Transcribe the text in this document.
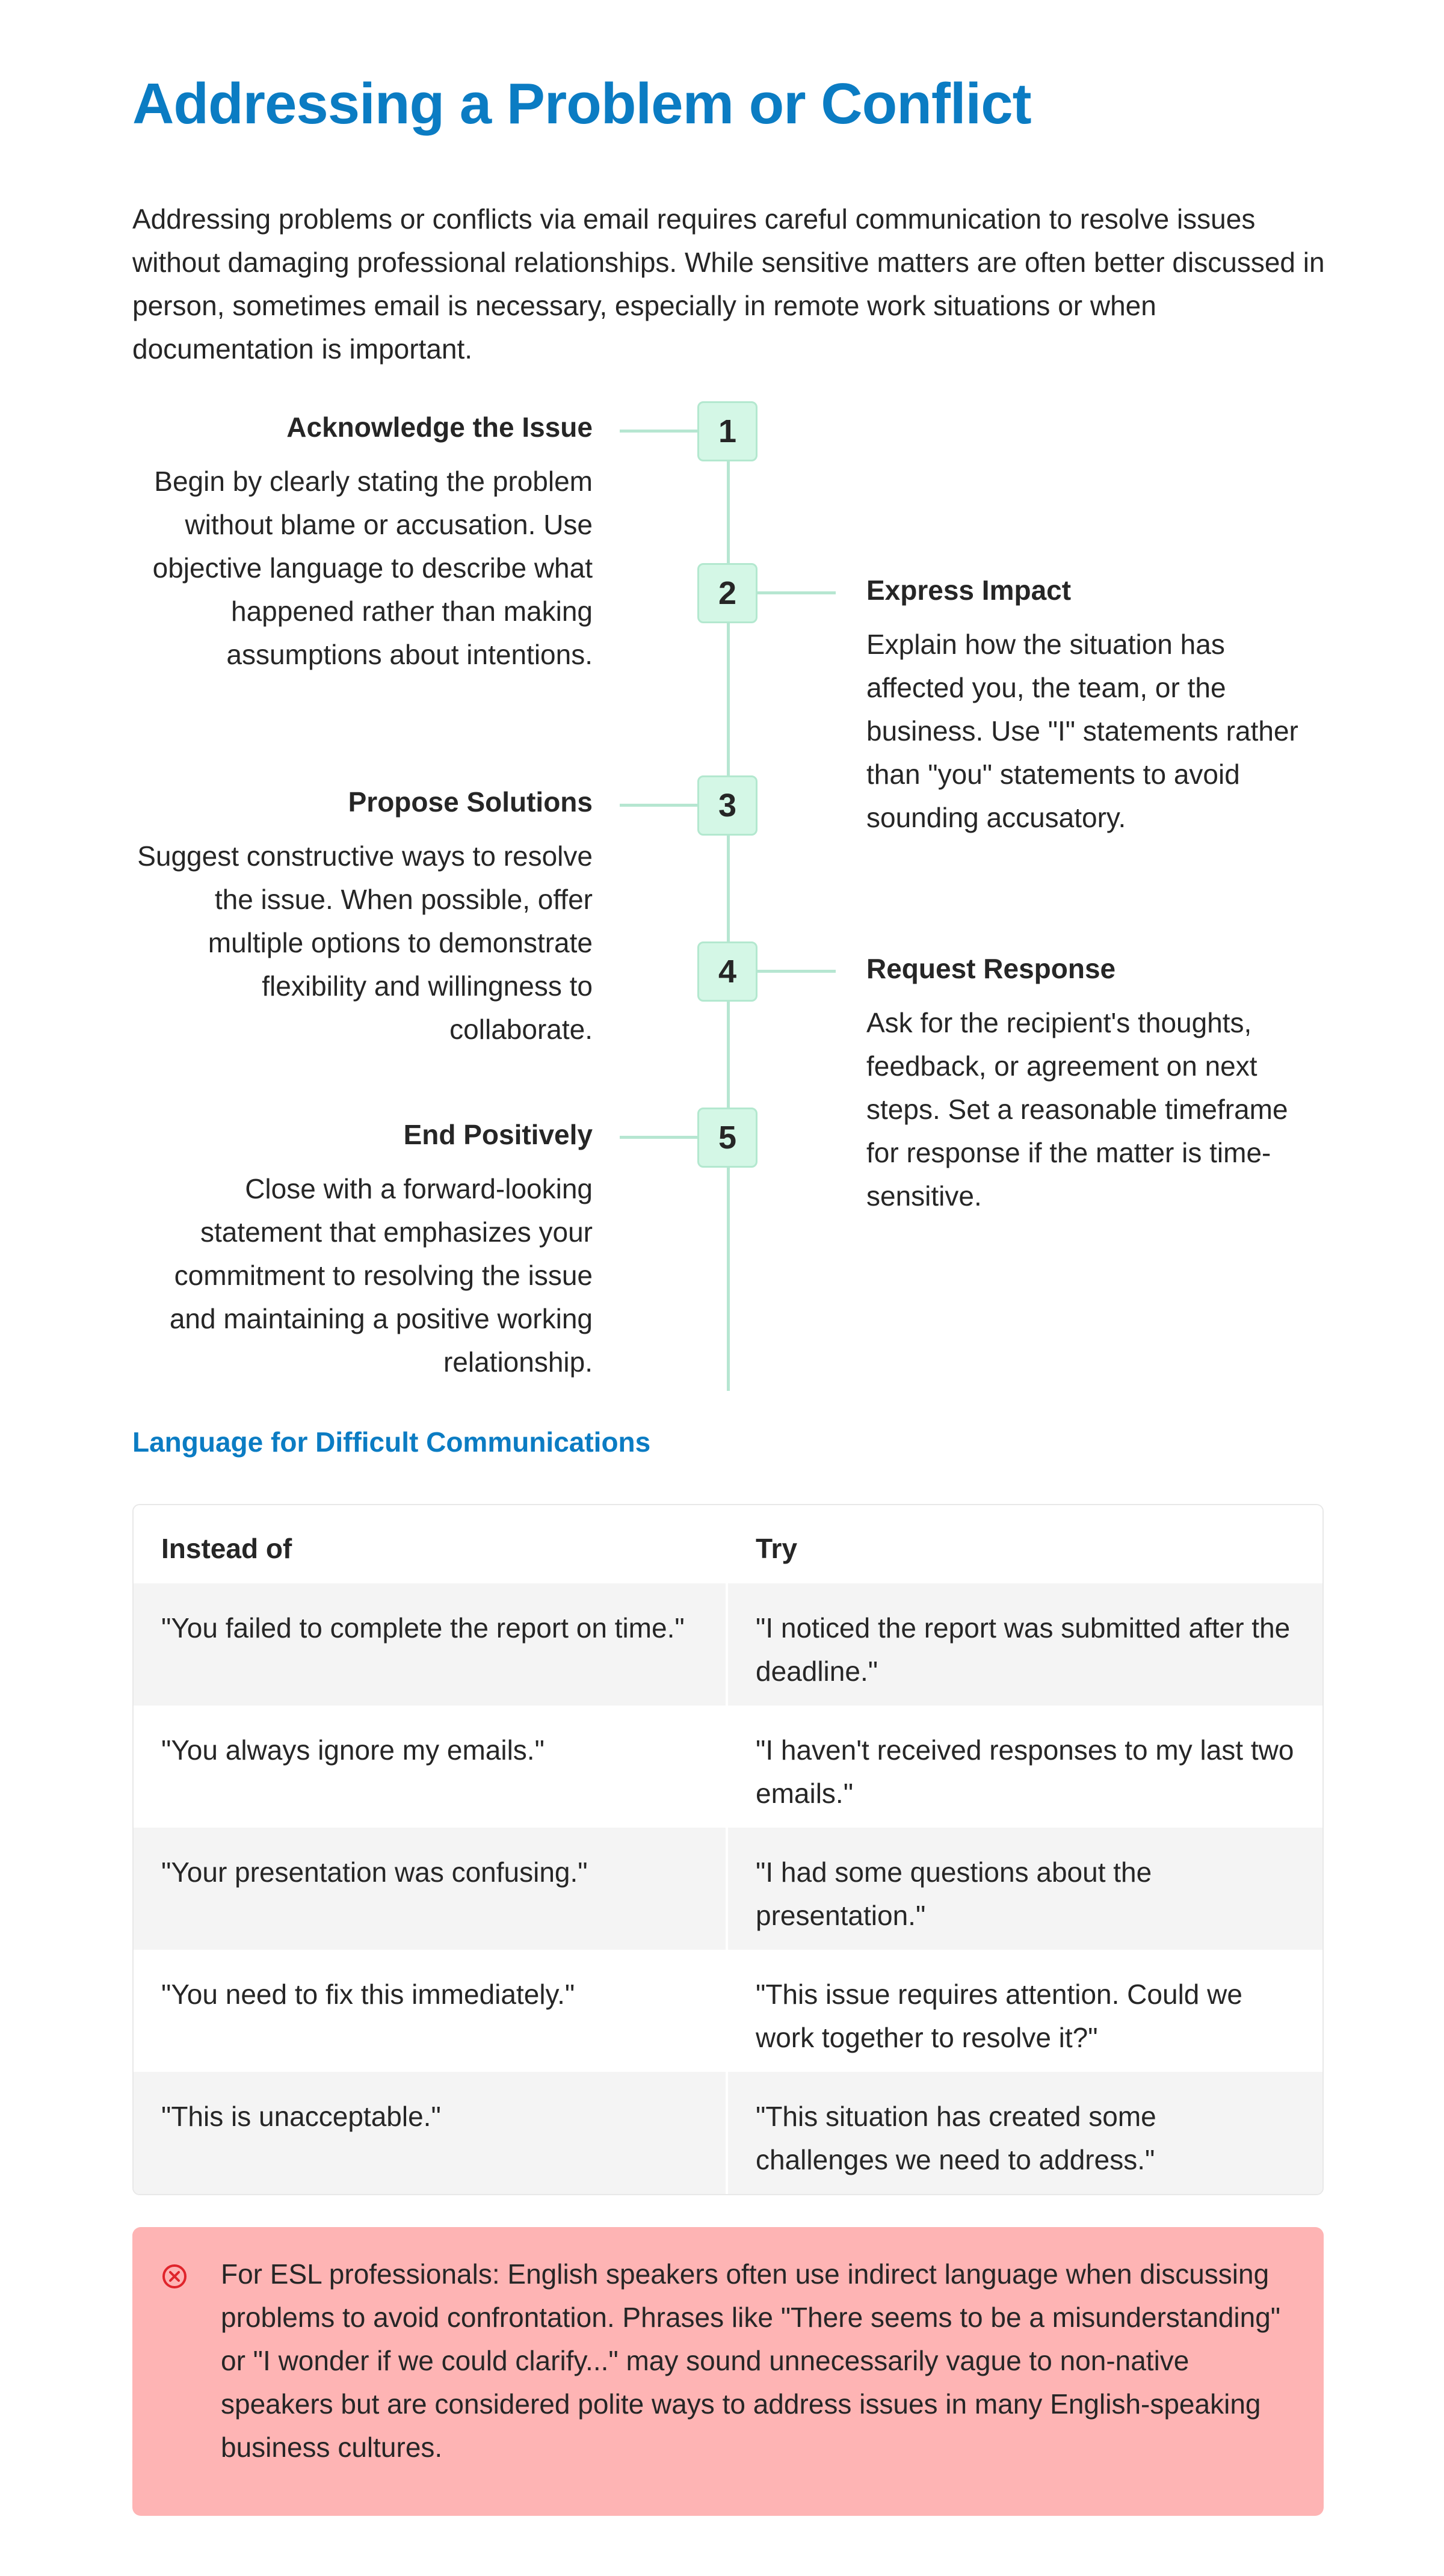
Addressing a Problem or Conflict

Addressing problems or conflicts via email requires careful communication to resolve issues without damaging professional relationships. While sensitive matters are often better discussed in person, sometimes email is necessary, especially in remote work situations or when documentation is important.

1
Acknowledge the Issue

Begin by clearly stating the problem without blame or accusation. Use objective language to describe what happened rather than making assumptions about intentions.

2	Express Impact

Explain how the situation has affected you, the team, or the business. Use "I" statements rather than "you" statements to avoid sounding accusatory.

3
Propose Solutions

Suggest constructive ways to resolve the issue. When possible, offer multiple options to demonstrate flexibility and willingness to collaborate.

4	Request Response

Ask for the recipient's thoughts, feedback, or agreement on next steps. Set a reasonable timeframe for response if the matter is time-sensitive.

5
End Positively

Close with a forward-looking statement that emphasizes your commitment to resolving the issue and maintaining a positive working relationship.

Language for Difficult Communications
Instead of	Try
"You failed to complete the report on time."	"I noticed the report was submitted after the deadline."
"You always ignore my emails."	"I haven't received responses to my last two emails."
"Your presentation was confusing."	"I had some questions about the presentation."
"You need to fix this immediately."	"This issue requires attention. Could we work together to resolve it?"
"This is unacceptable."	"This situation has created some challenges we need to address."

For ESL professionals: English speakers often use indirect language when discussing problems to avoid confrontation. Phrases like "There seems to be a misunderstanding" or "I wonder if we could clarify..." may sound unnecessarily vague to non-native speakers but are considered polite ways to address issues in many English-speaking business cultures.
